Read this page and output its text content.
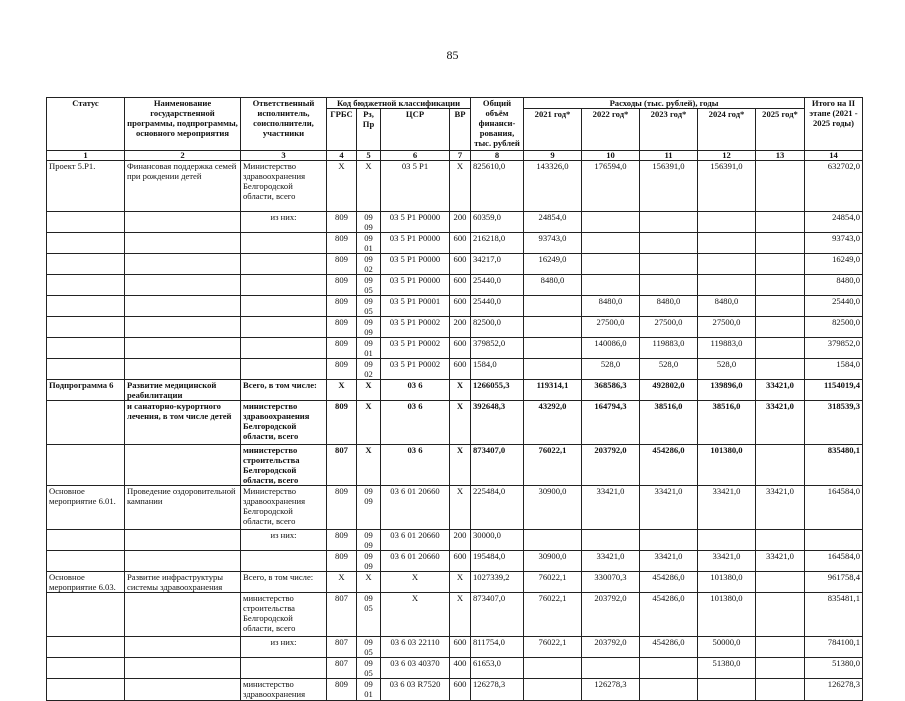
85
Статус	Наименование государственной программы, подпрограммы, основного мероприятия	Ответственный исполнитель, соисполнители, участники	Код бюджетной классификации				Общий объём финанси-рования, тыс. рублей	Расходы (тыс. рублей), годы					Итого на II этапе (2021 - 2025 годы)
			ГРБС	Рз, Пр	ЦСР	ВР		2021 год*	2022 год*	2023 год*	2024 год*	2025 год*	
1	2	3	4	5	6	7	8	9	10	11	12	13	14
Проект 5.Р1.	Финансовая поддержка семей при рождении детей	Министерство здравоохранения Белгородской области, всего	Х	Х	03 5 Р1	Х	825610,0	143326,0	176594,0	156391,0	156391,0		632702,0
		из них:	809	09 09	03 5 Р1 Р0000	200	60359,0	24854,0					24854,0
			809	09 01	03 5 Р1 Р0000	600	216218,0	93743,0					93743,0
			809	09 02	03 5 Р1 Р0000	600	34217,0	16249,0					16249,0
			809	09 05	03 5 Р1 Р0000	600	25440,0	8480,0					8480,0
			809	09 05	03 5 Р1 Р0001	600	25440,0		8480,0	8480,0	8480,0		25440,0
			809	09 09	03 5 Р1 Р0002	200	82500,0		27500,0	27500,0	27500,0		82500,0
			809	09 01	03 5 Р1 Р0002	600	379852,0		140086,0	119883,0	119883,0		379852,0
			809	09 02	03 5 Р1 Р0002	600	1584,0		528,0	528,0	528,0		1584,0
Подпрограмма 6	Развитие медицинской реабилитации	Всего, в том числе:	Х	Х	03 6	Х	1266055,3	119314,1	368586,3	492802,0	139896,0	33421,0	1154019,4
	и санаторно-курортного лечения, в том числе детей	министерство здравоохранения Белгородской области, всего	809	Х	03 6	Х	392648,3	43292,0	164794,3	38516,0	38516,0	33421,0	318539,3
		министерство строительства Белгородской области, всего	807	Х	03 6	Х	873407,0	76022,1	203792,0	454286,0	101380,0		835480,1
Основное мероприятие 6.01.	Проведение оздоровительной кампании	Министерство здравоохранения Белгородской области, всего	809	09 09	03 6 01 20660	Х	225484,0	30900,0	33421,0	33421,0	33421,0	33421,0	164584,0
		из них:	809	09 09	03 6 01 20660	200	30000,0						
			809	09 09	03 6 01 20660	600	195484,0	30900,0	33421,0	33421,0	33421,0	33421,0	164584,0
Основное мероприятие 6.03.	Развитие инфраструктуры системы здравоохранения	Всего, в том числе:	Х	Х	Х	Х	1027339,2	76022,1	330070,3	454286,0	101380,0		961758,4
		министерство строительства Белгородской области, всего	807	09 05	Х	Х	873407,0	76022,1	203792,0	454286,0	101380,0		835481,1
		из них:	807	09 05	03 6 03 22110	600	811754,0	76022,1	203792,0	454286,0	50000,0		784100,1
			807	09 05	03 6 03 40370	400	61653,0				51380,0		51380,0
		министерство здравоохранения	809	09 01	03 6 03 R7520	600	126278,3		126278,3				126278,3
